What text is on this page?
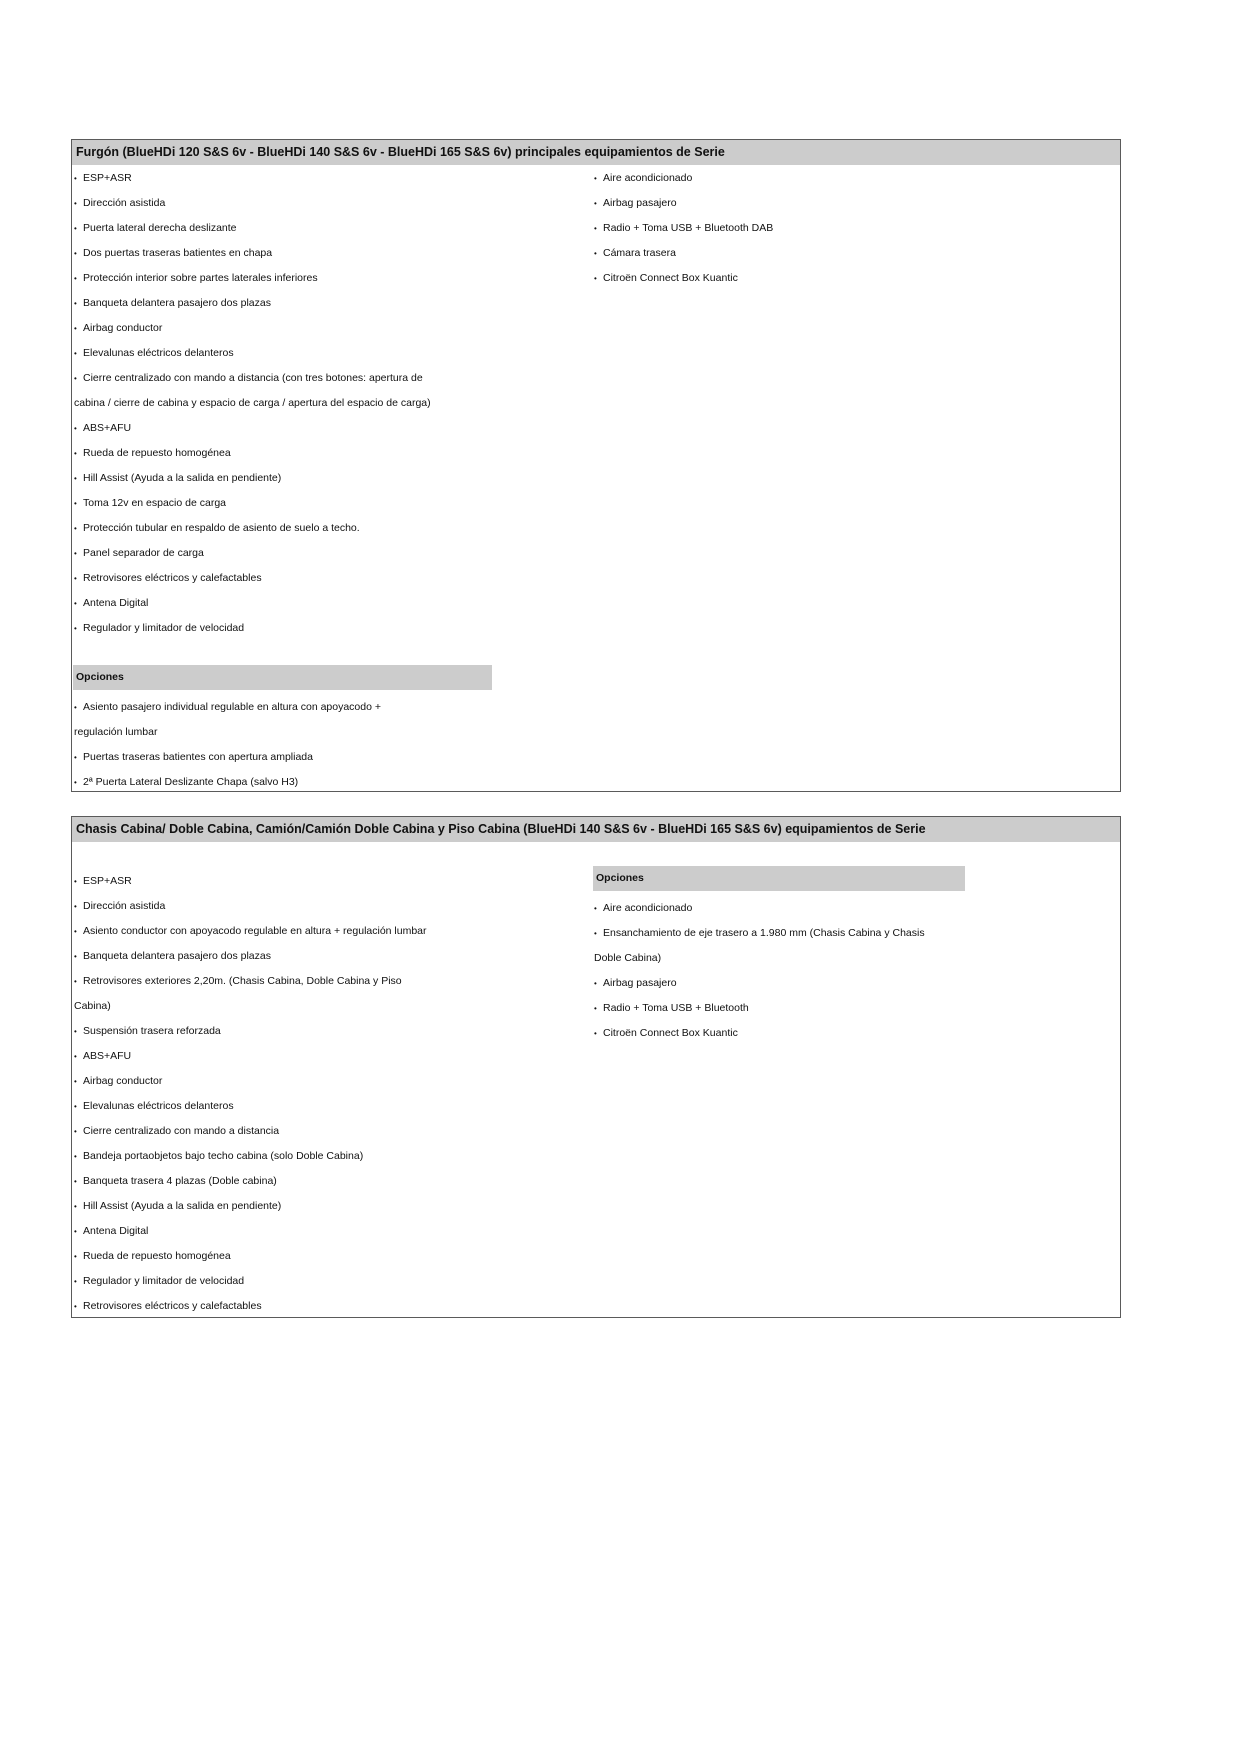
Furgón (BlueHDi 120 S&S 6v - BlueHDi 140 S&S 6v - BlueHDi 165 S&S 6v) principales equipamientos de Serie
•ESP+ASR
•Dirección asistida
•Puerta lateral derecha deslizante
•Dos puertas traseras batientes en chapa
•Protección interior sobre partes laterales inferiores
•Banqueta delantera pasajero dos plazas
•Airbag conductor
•Elevalunas eléctricos delanteros
•Cierre centralizado con mando a distancia (con tres botones: apertura de
cabina / cierre de cabina y espacio de carga / apertura del espacio de carga)
•ABS+AFU
•Rueda de repuesto homogénea
•Hill Assist (Ayuda a la salida en pendiente)
•Toma 12v en espacio de carga
•Protección tubular en respaldo de asiento de suelo a techo.
•Panel separador de carga
•Retrovisores eléctricos y calefactables
•Antena Digital
•Regulador y limitador de velocidad
•Aire acondicionado
•Airbag pasajero
•Radio + Toma USB + Bluetooth DAB
•Cámara trasera
•Citroën Connect Box Kuantic
Opciones
•Asiento pasajero individual regulable en altura con apoyacodo +
regulación lumbar
•Puertas traseras batientes con apertura ampliada
•2ª Puerta Lateral Deslizante Chapa (salvo H3)
Chasis Cabina/ Doble Cabina, Camión/Camión Doble Cabina y Piso Cabina (BlueHDi 140 S&S 6v - BlueHDi 165 S&S 6v) equipamientos de Serie
•ESP+ASR
•Dirección asistida
•Asiento conductor con apoyacodo regulable en altura + regulación lumbar
•Banqueta delantera pasajero dos plazas
•Retrovisores exteriores 2,20m. (Chasis Cabina, Doble Cabina y Piso
Cabina)
•Suspensión trasera reforzada
•ABS+AFU
•Airbag conductor
•Elevalunas eléctricos delanteros
•Cierre centralizado con mando a distancia
•Bandeja portaobjetos bajo techo cabina (solo Doble Cabina)
•Banqueta trasera 4 plazas (Doble cabina)
•Hill Assist (Ayuda a la salida en pendiente)
•Antena Digital
•Rueda de repuesto homogénea
•Regulador y limitador de velocidad
•Retrovisores eléctricos y calefactables
Opciones
•Aire acondicionado
•Ensanchamiento de eje trasero a 1.980 mm (Chasis Cabina y Chasis
Doble Cabina)
•Airbag pasajero
•Radio + Toma USB + Bluetooth
•Citroën Connect Box Kuantic
